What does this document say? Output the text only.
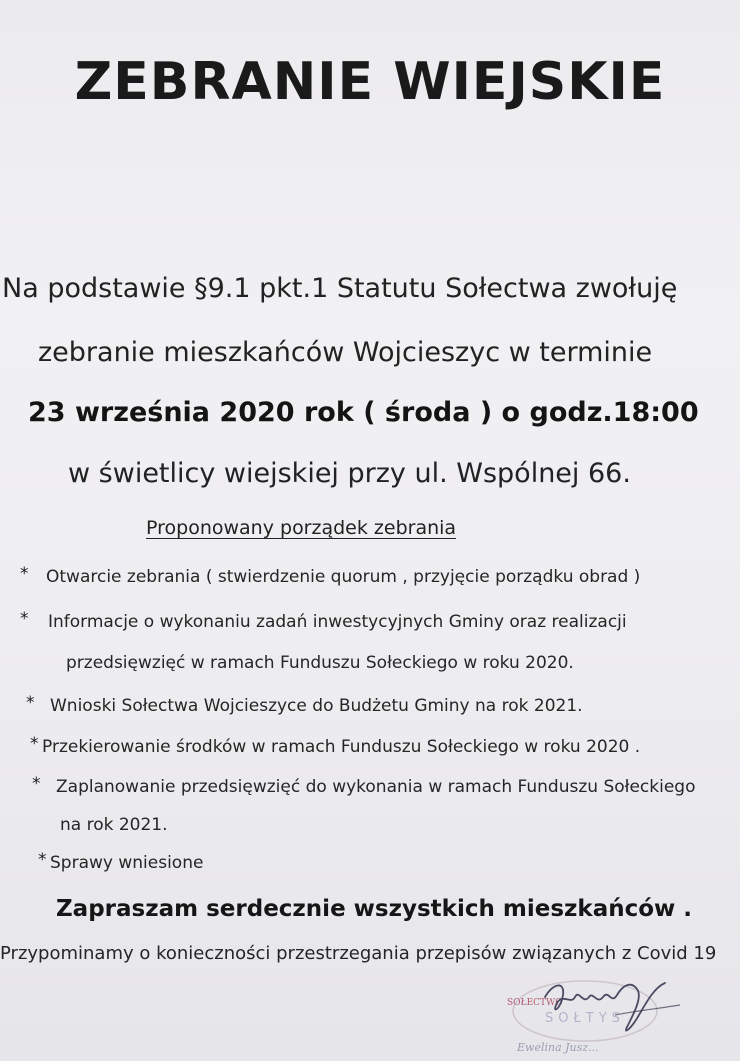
ZEBRANIE WIEJSKIE
Na podstawie §9.1 pkt.1 Statutu Sołectwa zwołuję
zebranie mieszkańców Wojcieszyc w terminie
23 września 2020 rok ( środa ) o godz.18:00
w świetlicy wiejskiej przy ul. Wspólnej 66.
Proponowany porządek zebrania
* Otwarcie zebrania ( stwierdzenie quorum , przyjęcie porządku obrad )
* Informacje o wykonaniu zadań inwestycyjnych Gminy oraz realizacji
przedsięwzięć w ramach Funduszu Sołeckiego w roku 2020.
* Wnioski Sołectwa Wojcieszyce do Budżetu Gminy na rok 2021.
* Przekierowanie środków w ramach Funduszu Sołeckiego w roku 2020 .
* Zaplanowanie przedsięwzięć do wykonania w ramach Funduszu Sołeckiego
na rok 2021.
* Sprawy wniesione
Zapraszam serdecznie wszystkich mieszkańców .
Przypominamy o konieczności przestrzegania przepisów związanych z Covid 19
SOŁECTWO
SOŁTYS
Ewelina Jusz...
